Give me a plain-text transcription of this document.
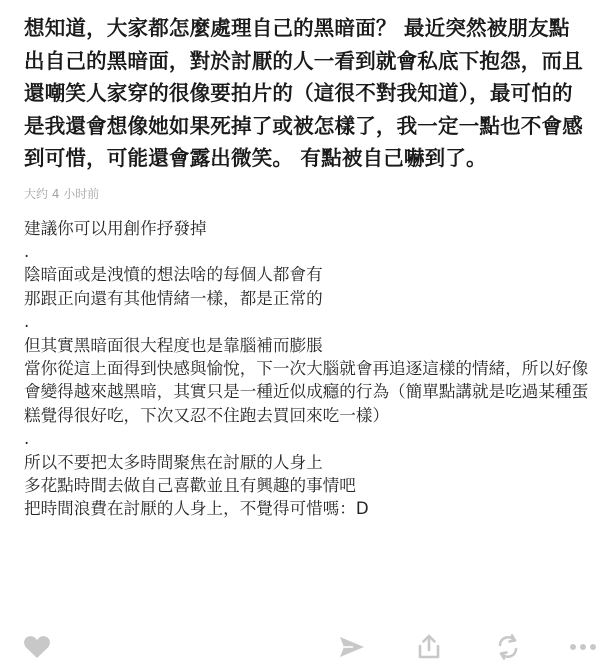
想知道，大家都怎麼處理自己的黑暗面？ 最近突然被朋友點出自己的黑暗面，對於討厭的人一看到就會私底下抱怨，而且還嘲笑人家穿的很像要拍片的（這很不對我知道），最可怕的是我還會想像她如果死掉了或被怎樣了，我一定一點也不會感到可惜，可能還會露出微笑。 有點被自己嚇到了。

大约 4 小时前
建議你可以用創作抒發掉
.
陰暗面或是洩憤的想法啥的每個人都會有
那跟正向還有其他情緒一樣，都是正常的
.
但其實黑暗面很大程度也是靠腦補而膨脹
當你從這上面得到快感與愉悅，下一次大腦就會再追逐這樣的情緒，所以好像會變得越來越黑暗，其實只是一種近似成癮的行為（簡單點講就是吃過某種蛋糕覺得很好吃，下次又忍不住跑去買回來吃一樣）
.
所以不要把太多時間聚焦在討厭的人身上
多花點時間去做自己喜歡並且有興趣的事情吧
把時間浪費在討厭的人身上，不覺得可惜嗎：D
